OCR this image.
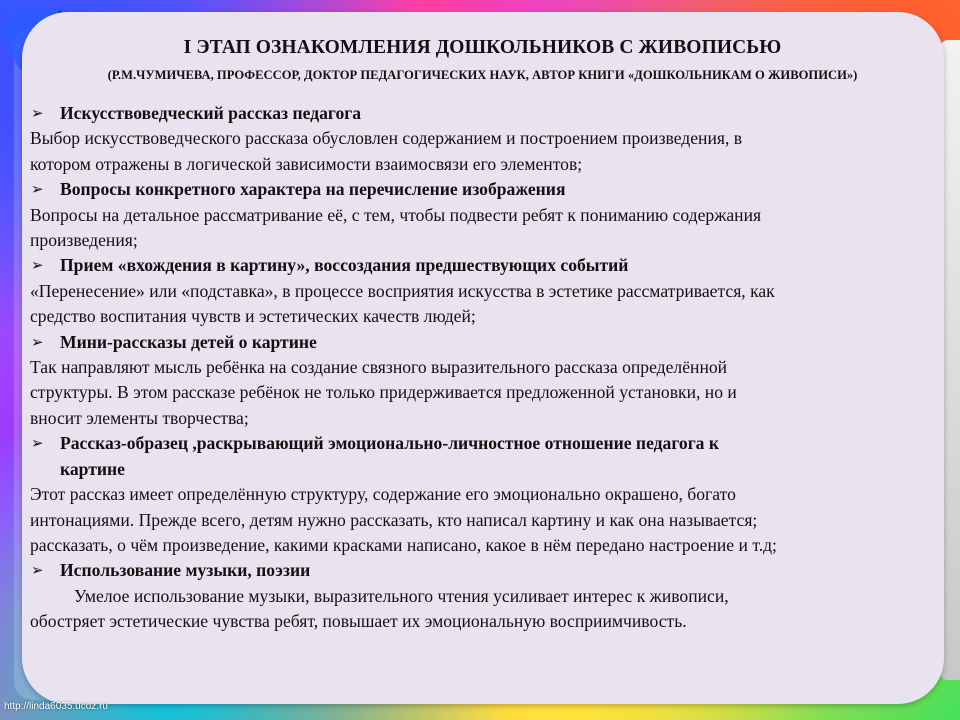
I ЭТАП ОЗНАКОМЛЕНИЯ ДОШКОЛЬНИКОВ С ЖИВОПИСЬЮ

(Р.М.ЧУМИЧЕВА, ПРОФЕССОР, ДОКТОР ПЕДАГОГИЧЕСКИХ НАУК, АВТОР КНИГИ «ДОШКОЛЬНИКАМ О ЖИВОПИСИ»)

➢ Искусствоведческий рассказ педагога

Выбор искусствоведческого рассказа обусловлен содержанием и построением произведения, в

котором отражены в логической зависимости взаимосвязи его элементов;

➢ Вопросы конкретного характера на перечисление изображения

Вопросы на детальное рассматривание её, с тем, чтобы подвести ребят к пониманию содержания

произведения;

➢ Прием «вхождения в картину», воссоздания предшествующих событий

«Перенесение» или «подставка», в процессе восприятия искусства в эстетике рассматривается, как

средство воспитания чувств и эстетических качеств людей;

➢ Мини-рассказы детей о картине

Так направляют мысль ребёнка на создание связного выразительного рассказа определённой

структуры. В этом рассказе ребёнок не только придерживается предложенной установки, но и

вносит элементы творчества;

➢ Рассказ-образец ,раскрывающий эмоционально-личностное отношение педагога к

картине

Этот рассказ имеет определённую структуру, содержание его эмоционально окрашено, богато

интонациями. Прежде всего, детям нужно рассказать, кто написал картину и как она называется;

рассказать, о чём произведение, какими красками написано, какое в нём передано настроение и т.д;

➢ Использование музыки, поэзии

Умелое использование музыки, выразительного чтения усиливает интерес к живописи,

обостряет эстетические чувства ребят, повышает их эмоциональную восприимчивость.

http://linda6035.ucoz.ru
